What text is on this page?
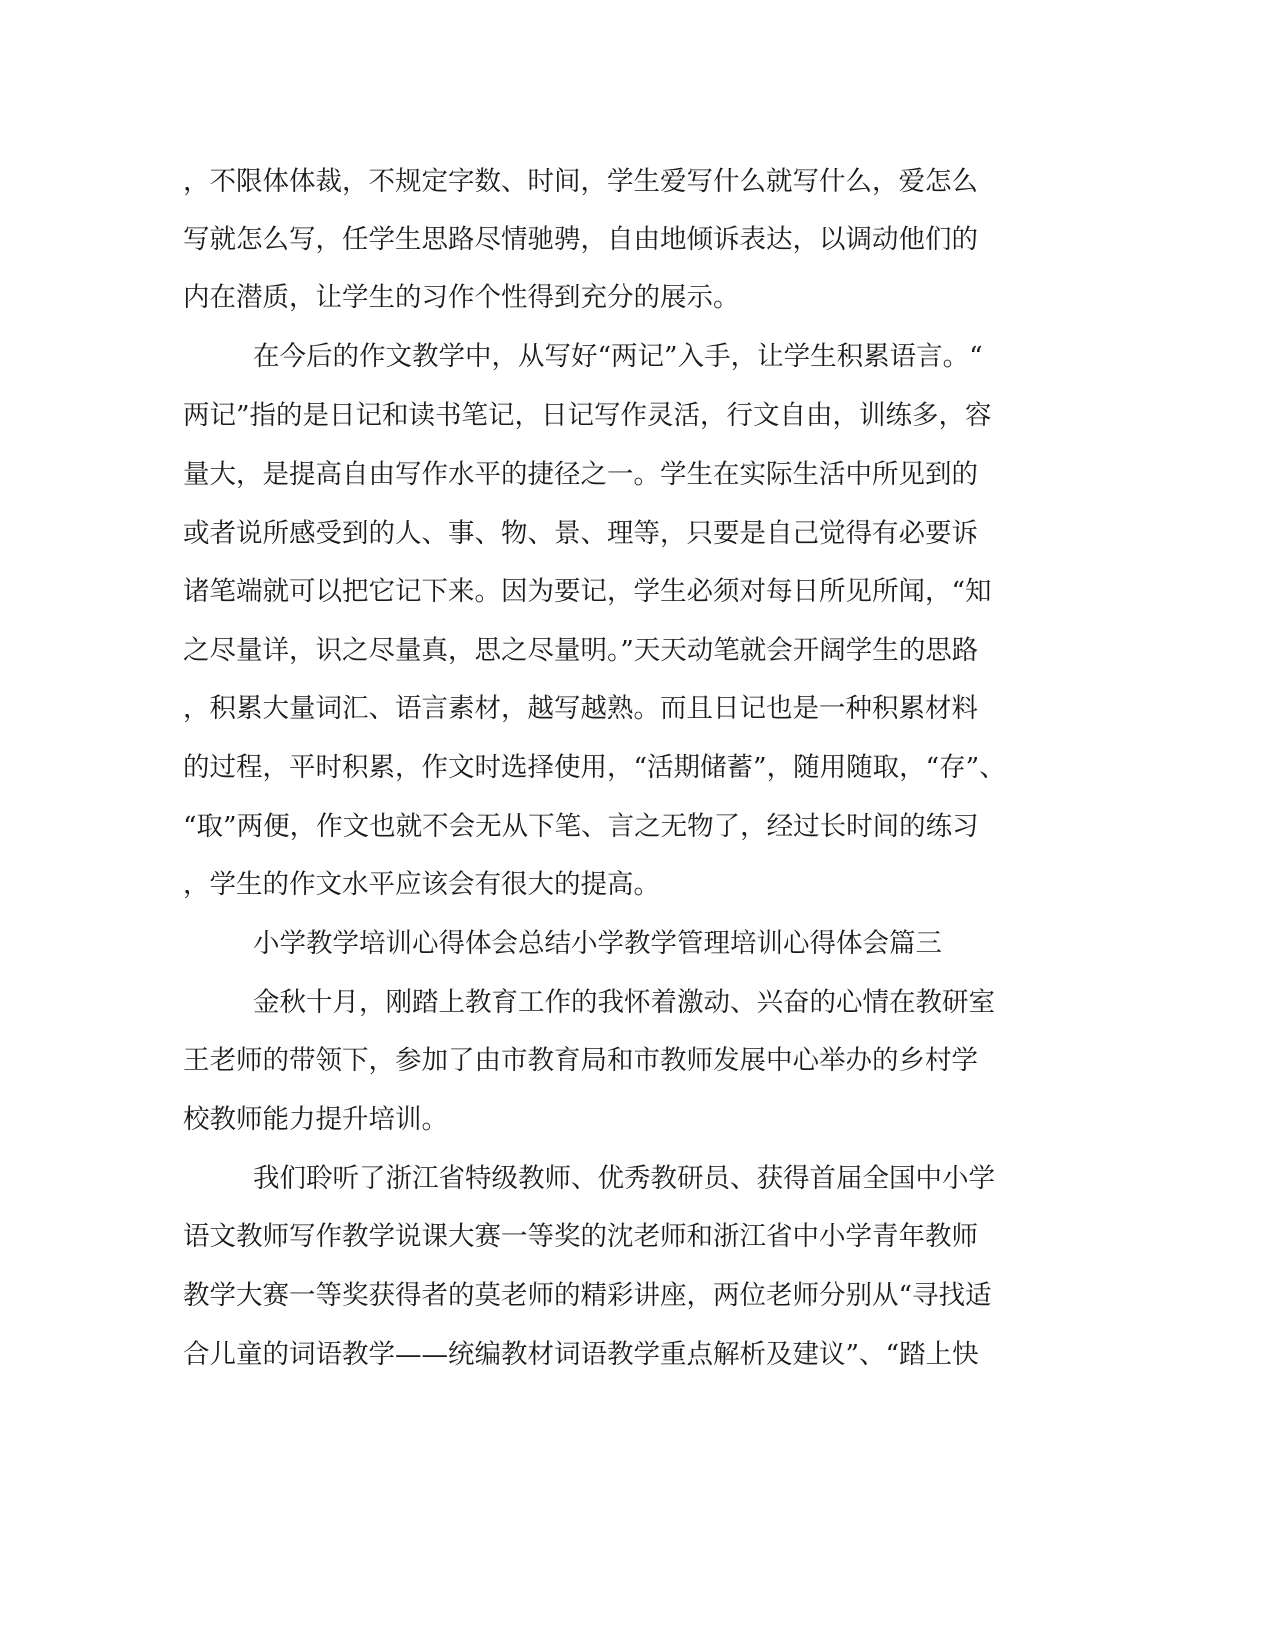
，不限体体裁，不规定字数、时间，学生爱写什么就写什么，爱怎么
写就怎么写，任学生思路尽情驰骋，自由地倾诉表达，以调动他们的
内在潜质，让学生的习作个性得到充分的展示。
在今后的作文教学中，从写好“两记”入手，让学生积累语言。“
两记”指的是日记和读书笔记，日记写作灵活，行文自由，训练多，容
量大，是提高自由写作水平的捷径之一。学生在实际生活中所见到的
或者说所感受到的人、事、物、景、理等，只要是自己觉得有必要诉
诸笔端就可以把它记下来。因为要记，学生必须对每日所见所闻，“知
之尽量详，识之尽量真，思之尽量明。”天天动笔就会开阔学生的思路
，积累大量词汇、语言素材，越写越熟。而且日记也是一种积累材料
的过程，平时积累，作文时选择使用，“活期储蓄”，随用随取，“存”、
“取”两便，作文也就不会无从下笔、言之无物了，经过长时间的练习
，学生的作文水平应该会有很大的提高。
小学教学培训心得体会总结小学教学管理培训心得体会篇三
金秋十月，刚踏上教育工作的我怀着激动、兴奋的心情在教研室
王老师的带领下，参加了由市教育局和市教师发展中心举办的乡村学
校教师能力提升培训。
我们聆听了浙江省特级教师、优秀教研员、获得首届全国中小学
语文教师写作教学说课大赛一等奖的沈老师和浙江省中小学青年教师
教学大赛一等奖获得者的莫老师的精彩讲座，两位老师分别从“寻找适
合儿童的词语教学——统编教材词语教学重点解析及建议”、“踏上快
